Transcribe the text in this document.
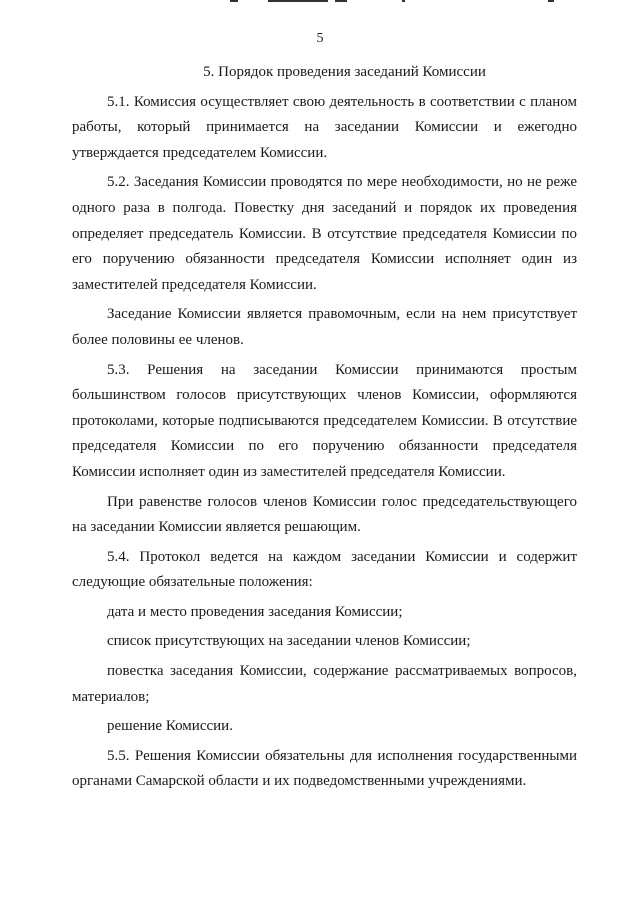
5

5. Порядок проведения заседаний Комиссии

5.1. Комиссия осуществляет свою деятельность в соответствии с планом работы, который принимается на заседании Комиссии и ежегодно утверждается председателем Комиссии.

5.2. Заседания Комиссии проводятся по мере необходимости, но не реже одного раза в полгода. Повестку дня заседаний и порядок их проведения определяет председатель Комиссии. В отсутствие председателя Комиссии по его поручению обязанности председателя Комиссии исполняет один из заместителей председателя Комиссии.

Заседание Комиссии является правомочным, если на нем присутствует более половины ее членов.

5.3. Решения на заседании Комиссии принимаются простым большинством голосов присутствующих членов Комиссии, оформляются протоколами, которые подписываются председателем Комиссии. В отсутствие председателя Комиссии по его поручению обязанности председателя Комиссии исполняет один из заместителей председателя Комиссии.

При равенстве голосов членов Комиссии голос председательствующего на заседании Комиссии является решающим.

5.4. Протокол ведется на каждом заседании Комиссии и содержит следующие обязательные положения:

дата и место проведения заседания Комиссии;

список присутствующих на заседании членов Комиссии;

повестка заседания Комиссии, содержание рассматриваемых вопросов, материалов;

решение Комиссии.

5.5. Решения Комиссии обязательны для исполнения государственными органами Самарской области и их подведомственными учреждениями.
